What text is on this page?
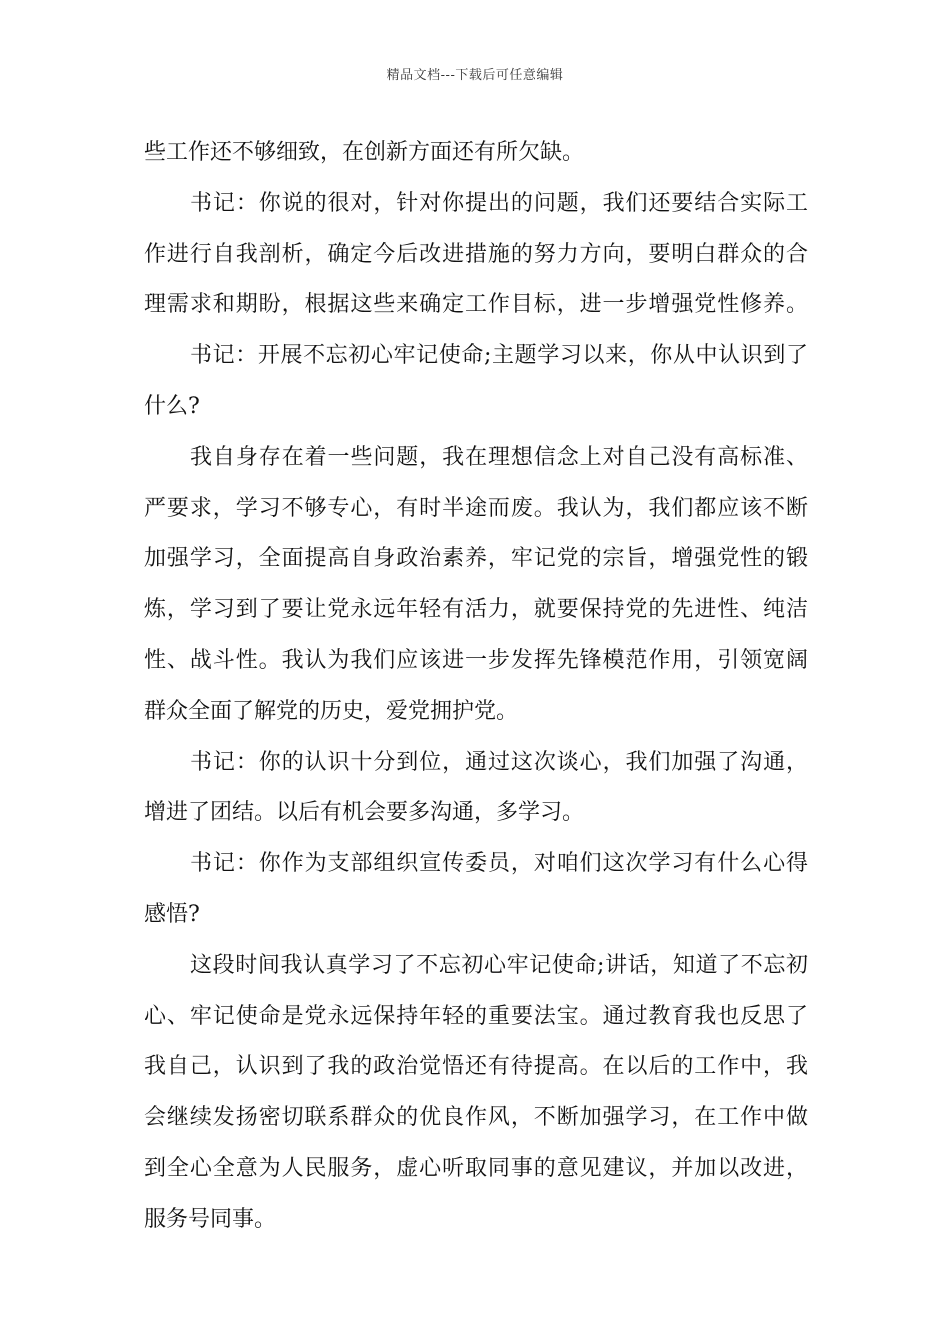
精品文档---下载后可任意编辑
些工作还不够细致，在创新方面还有所欠缺。
书记：你说的很对，针对你提出的问题，我们还要结合实际工
作进行自我剖析，确定今后改进措施的努力方向，要明白群众的合
理需求和期盼，根据这些来确定工作目标，进一步增强党性修养。
书记：开展不忘初心牢记使命;主题学习以来，你从中认识到了
什么?
我自身存在着一些问题，我在理想信念上对自己没有高标准、
严要求，学习不够专心，有时半途而废。我认为，我们都应该不断
加强学习，全面提高自身政治素养，牢记党的宗旨，增强党性的锻
炼，学习到了要让党永远年轻有活力，就要保持党的先进性、纯洁
性、战斗性。我认为我们应该进一步发挥先锋模范作用，引领宽阔
群众全面了解党的历史，爱党拥护党。
书记：你的认识十分到位，通过这次谈心，我们加强了沟通，
增进了团结。以后有机会要多沟通，多学习。
书记：你作为支部组织宣传委员，对咱们这次学习有什么心得
感悟?
这段时间我认真学习了不忘初心牢记使命;讲话，知道了不忘初
心、牢记使命是党永远保持年轻的重要法宝。通过教育我也反思了
我自己，认识到了我的政治觉悟还有待提高。在以后的工作中，我
会继续发扬密切联系群众的优良作风，不断加强学习，在工作中做
到全心全意为人民服务，虚心听取同事的意见建议，并加以改进，
服务号同事。
